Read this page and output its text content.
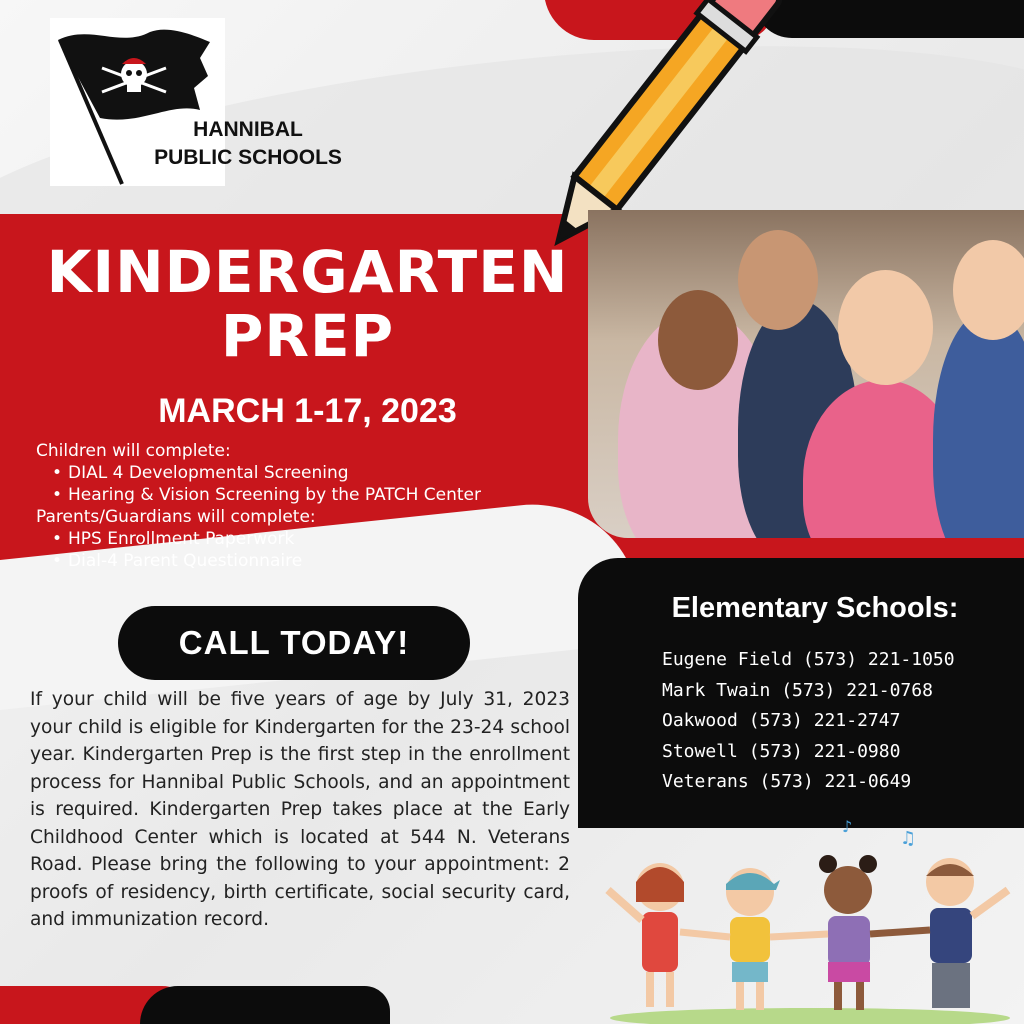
HANNIBAL
PUBLIC SCHOOLS
KINDERGARTEN
PREP
MARCH 1-17, 2023
Children will complete:
• DIAL 4 Developmental Screening
• Hearing & Vision Screening by the PATCH Center
Parents/Guardians will complete:
• HPS Enrollment Paperwork
• Dial-4 Parent Questionnaire
CALL TODAY!
If your child will be five years of age by July 31, 2023 your child is eligible for Kindergarten for the 23-24 school year. Kindergarten Prep is the first step in the enrollment process for Hannibal Public Schools, and an appointment is required. Kindergarten Prep takes place at the Early Childhood Center which is located at 544 N. Veterans Road. Please bring the following to your appointment: 2 proofs of residency, birth certificate, social security card, and immunization record.
Elementary Schools:
Eugene Field (573) 221-1050
Mark Twain (573) 221-0768
Oakwood (573) 221-2747
Stowell (573) 221-0980
Veterans (573) 221-0649
♪
♫
